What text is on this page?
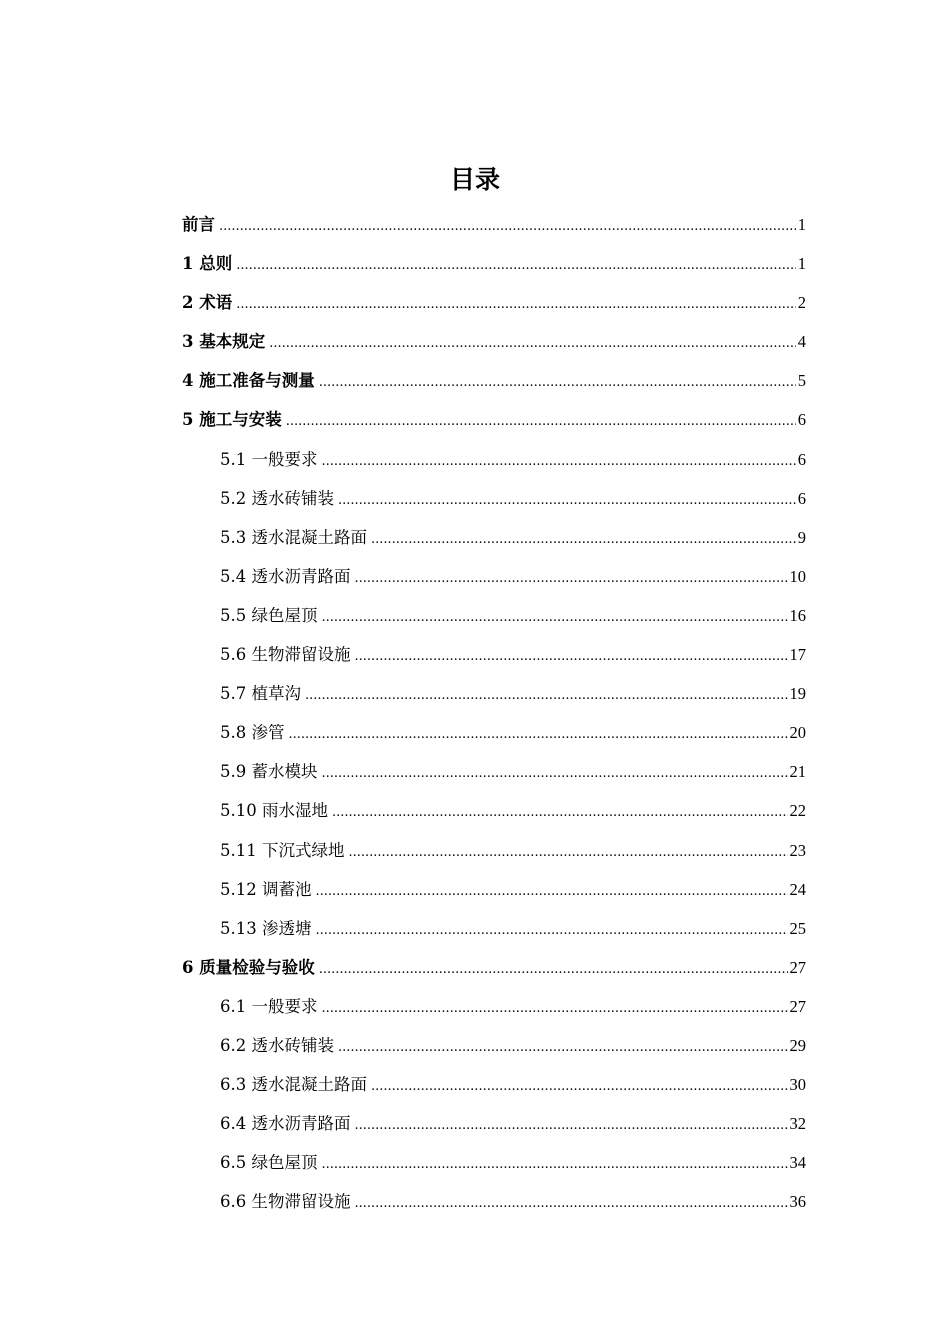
目录
前言 .....	1
1 总则 .....	1
2 术语 .....	2
3 基本规定 .....	4
4 施工准备与测量 .....	5
5 施工与安装 .....	6
5.1 一般要求 .....	6
5.2 透水砖铺装 .....	6
5.3 透水混凝土路面 .....	9
5.4 透水沥青路面 .....	10
5.5 绿色屋顶 .....	16
5.6 生物滞留设施 .....	17
5.7 植草沟 .....	19
5.8 渗管 .....	20
5.9 蓄水模块 .....	21
5.10 雨水湿地 .....	22
5.11 下沉式绿地 .....	23
5.12 调蓄池 .....	24
5.13 渗透塘 .....	25
6 质量检验与验收 .....	27
6.1 一般要求 .....	27
6.2 透水砖铺装 .....	29
6.3 透水混凝土路面 .....	30
6.4 透水沥青路面 .....	32
6.5 绿色屋顶 .....	34
6.6 生物滞留设施 .....	36
